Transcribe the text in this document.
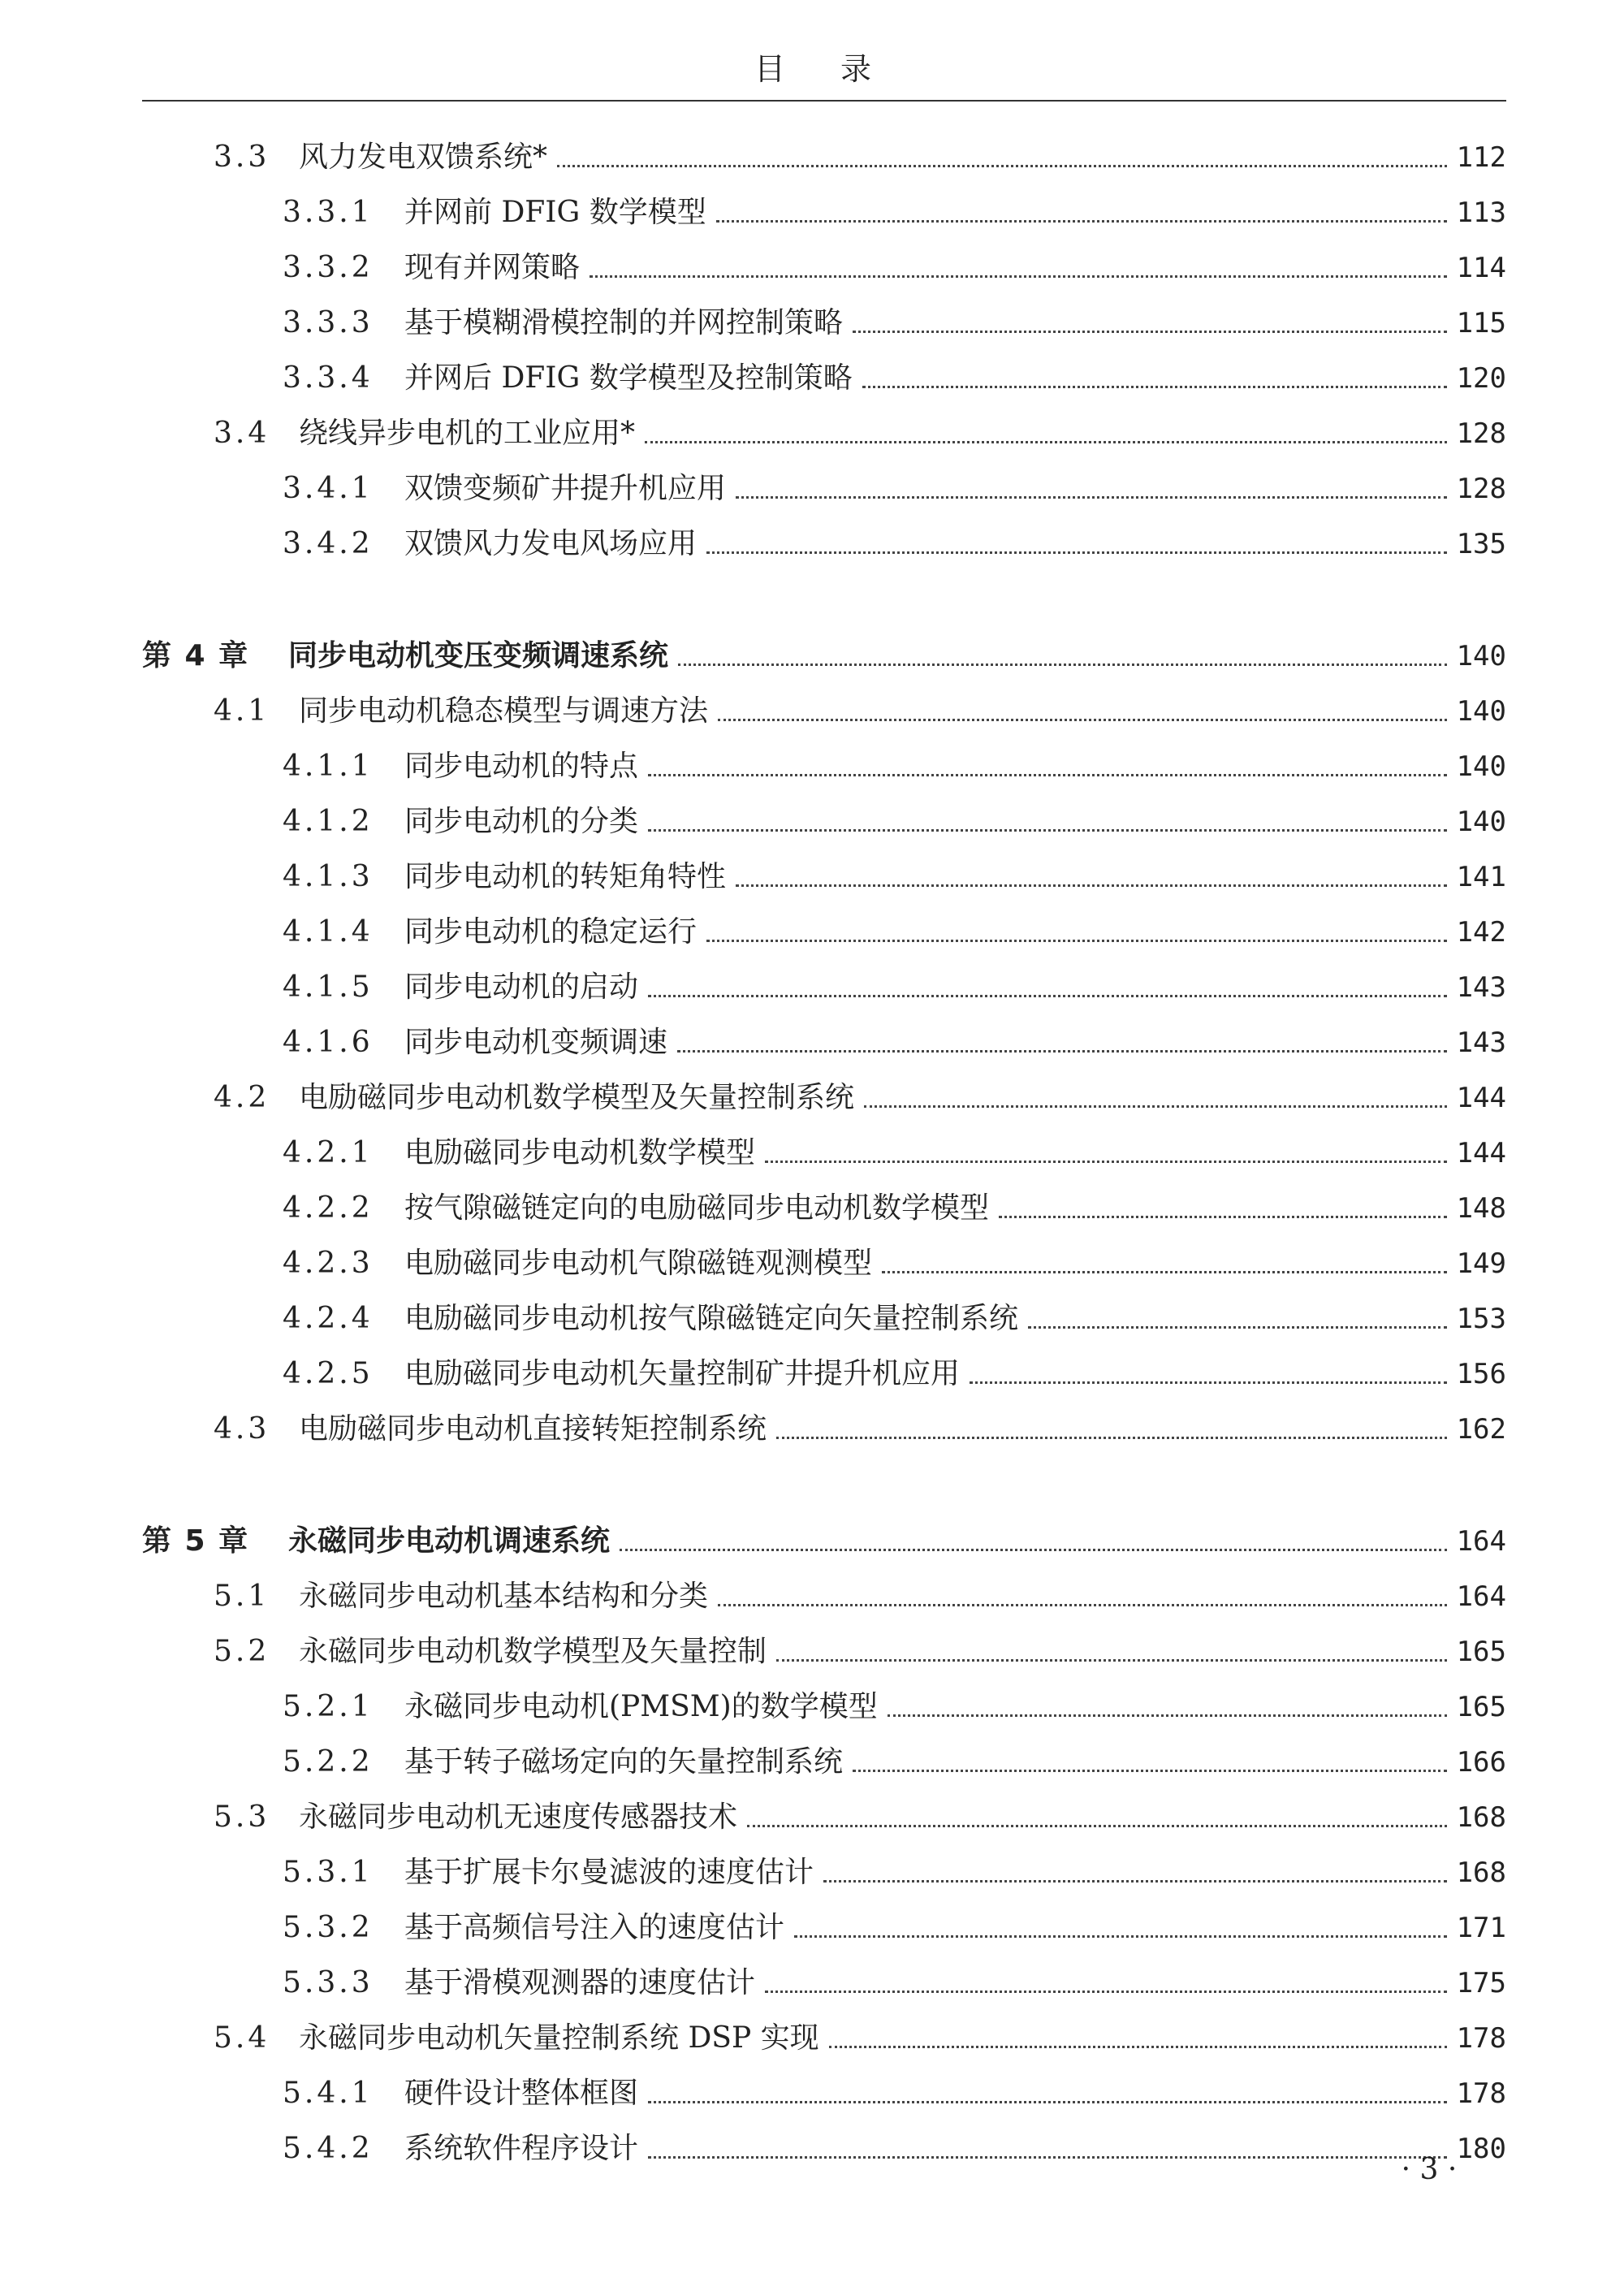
目 录
3.3 风力发电双馈系统*	112
3.3.1	并网前 DFIG 数学模型	113
3.3.2	现有并网策略	114
3.3.3	基于模糊滑模控制的并网控制策略	115
3.3.4	并网后 DFIG 数学模型及控制策略	120
3.4 绕线异步电机的工业应用*	128
3.4.1	双馈变频矿井提升机应用	128
3.4.2	双馈风力发电风场应用	135
第 4 章	同步电动机变压变频调速系统	140
4.1 同步电动机稳态模型与调速方法	140
4.1.1	同步电动机的特点	140
4.1.2	同步电动机的分类	140
4.1.3	同步电动机的转矩角特性	141
4.1.4	同步电动机的稳定运行	142
4.1.5	同步电动机的启动	143
4.1.6	同步电动机变频调速	143
4.2 电励磁同步电动机数学模型及矢量控制系统	144
4.2.1	电励磁同步电动机数学模型	144
4.2.2	按气隙磁链定向的电励磁同步电动机数学模型	148
4.2.3	电励磁同步电动机气隙磁链观测模型	149
4.2.4	电励磁同步电动机按气隙磁链定向矢量控制系统	153
4.2.5	电励磁同步电动机矢量控制矿井提升机应用	156
4.3 电励磁同步电动机直接转矩控制系统	162
第 5 章	永磁同步电动机调速系统	164
5.1 永磁同步电动机基本结构和分类	164
5.2 永磁同步电动机数学模型及矢量控制	165
5.2.1	永磁同步电动机(PMSM)的数学模型	165
5.2.2	基于转子磁场定向的矢量控制系统	166
5.3 永磁同步电动机无速度传感器技术	168
5.3.1	基于扩展卡尔曼滤波的速度估计	168
5.3.2	基于高频信号注入的速度估计	171
5.3.3	基于滑模观测器的速度估计	175
5.4 永磁同步电动机矢量控制系统 DSP 实现	178
5.4.1	硬件设计整体框图	178
5.4.2	系统软件程序设计	180
· 3 ·
